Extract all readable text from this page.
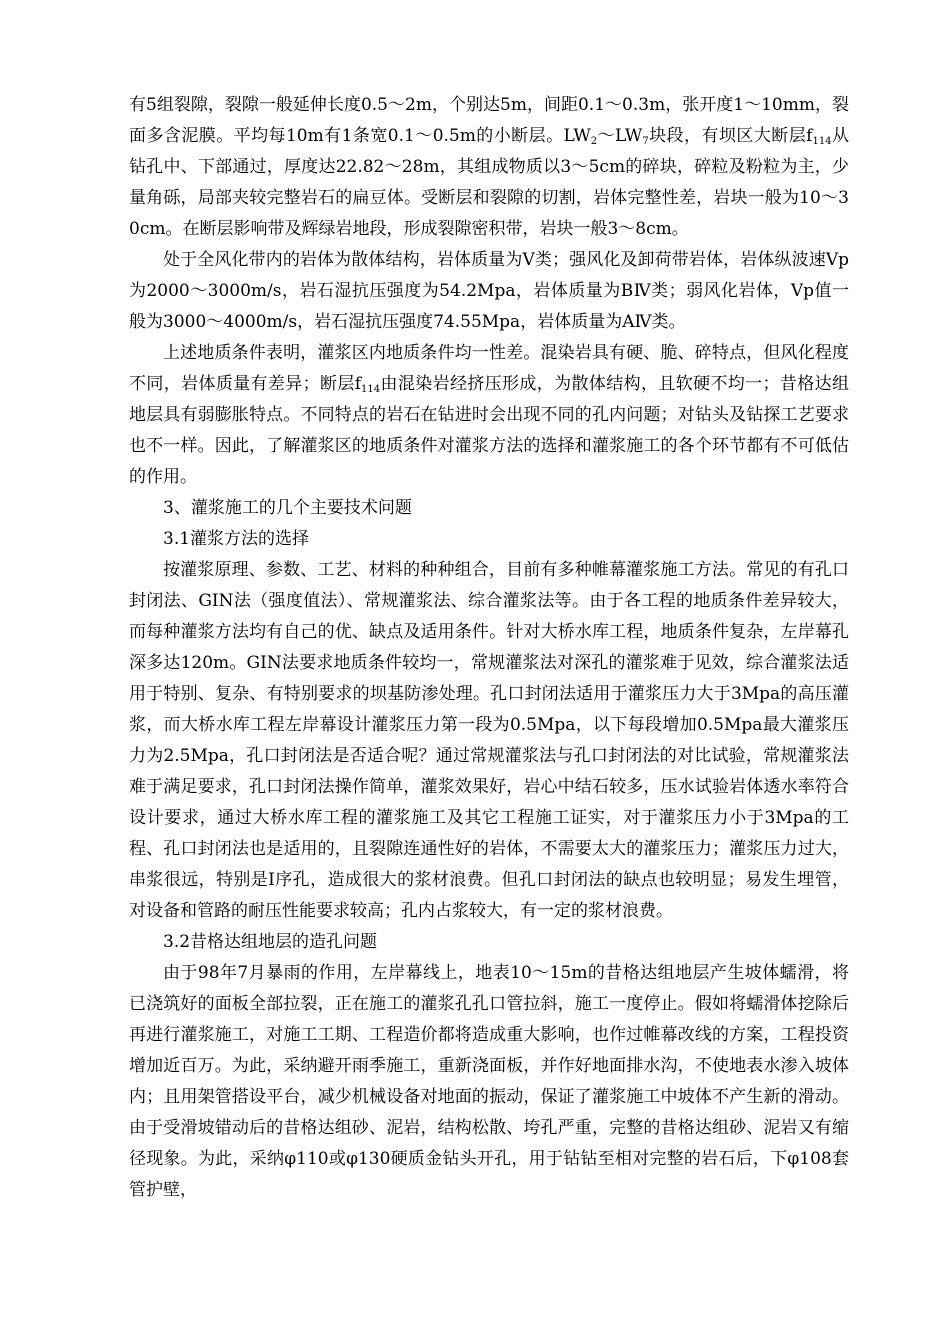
有5组裂隙，裂隙一般延伸长度0.5～2m，个别达5m，间距0.1～0.3m，张开度1～10mm，裂面多含泥膜。平均每10m有1条宽0.1～0.5m的小断层。$LW_2\sim LW_7$块段，有坝区大断层$f_{114}$从钻孔中、下部通过，厚度达22.82～28m，其组成物质以3～5cm的碎块，碎粒及粉粒为主，少量角砾，局部夹较完整岩石的扁豆体。受断层和裂隙的切割，岩体完整性差，岩块一般为10～30cm。在断层影响带及辉绿岩地段，形成裂隙密积带，岩块一般3～8cm。

处于全风化带内的岩体为散体结构，岩体质量为Ⅴ类；强风化及卸荷带岩体，岩体纵波速Vp为2000～3000m/s，岩石湿抗压强度为54.2Mpa，岩体质量为BⅣ类；弱风化岩体，Vp值一般为3000～4000m/s，岩石湿抗压强度74.55Mpa，岩体质量为AⅣ类。

上述地质条件表明，灌浆区内地质条件均一性差。混染岩具有硬、脆、碎特点，但风化程度不同，岩体质量有差异；断层$f_{114}$由混染岩经挤压形成，为散体结构，且软硬不均一；昔格达组地层具有弱膨胀特点。不同特点的岩石在钻进时会出现不同的孔内问题；对钻头及钻探工艺要求也不一样。因此，了解灌浆区的地质条件对灌浆方法的选择和灌浆施工的各个环节都有不可低估的作用。

3、灌浆施工的几个主要技术问题

3.1灌浆方法的选择

按灌浆原理、参数、工艺、材料的种种组合，目前有多种帷幕灌浆施工方法。常见的有孔口封闭法、GIN法（强度值法）、常规灌浆法、综合灌浆法等。由于各工程的地质条件差异较大，而每种灌浆方法均有自己的优、缺点及适用条件。针对大桥水库工程，地质条件复杂，左岸幕孔深多达120m。GIN法要求地质条件较均一，常规灌浆法对深孔的灌浆难于见效，综合灌浆法适用于特别、复杂、有特别要求的坝基防渗处理。孔口封闭法适用于灌浆压力大于3Mpa的高压灌浆，而大桥水库工程左岸幕设计灌浆压力第一段为0.5Mpa，以下每段增加0.5Mpa最大灌浆压力为2.5Mpa，孔口封闭法是否适合呢？通过常规灌浆法与孔口封闭法的对比试验，常规灌浆法难于满足要求，孔口封闭法操作简单，灌浆效果好，岩心中结石较多，压水试验岩体透水率符合设计要求，通过大桥水库工程的灌浆施工及其它工程施工证实，对于灌浆压力小于3Mpa的工程、孔口封闭法也是适用的，且裂隙连通性好的岩体，不需要太大的灌浆压力；灌浆压力过大，串浆很远，特别是Ⅰ序孔，造成很大的浆材浪费。但孔口封闭法的缺点也较明显；易发生埋管，对设备和管路的耐压性能要求较高；孔内占浆较大，有一定的浆材浪费。

3.2昔格达组地层的造孔问题

由于98年7月暴雨的作用，左岸幕线上，地表10～15m的昔格达组地层产生坡体蠕滑，将已浇筑好的面板全部拉裂，正在施工的灌浆孔孔口管拉斜，施工一度停止。假如将蠕滑体挖除后再进行灌浆施工，对施工工期、工程造价都将造成重大影响，也作过帷幕改线的方案，工程投资增加近百万。为此，采纳避开雨季施工，重新浇面板，并作好地面排水沟，不使地表水渗入坡体内；且用架管搭设平台，减少机械设备对地面的振动，保证了灌浆施工中坡体不产生新的滑动。由于受滑坡错动后的昔格达组砂、泥岩，结构松散、垮孔严重，完整的昔格达组砂、泥岩又有缩径现象。为此，采纳φ110或φ130硬质金钻头开孔，用于钻钻至相对完整的岩石后，下φ108套管护壁，
